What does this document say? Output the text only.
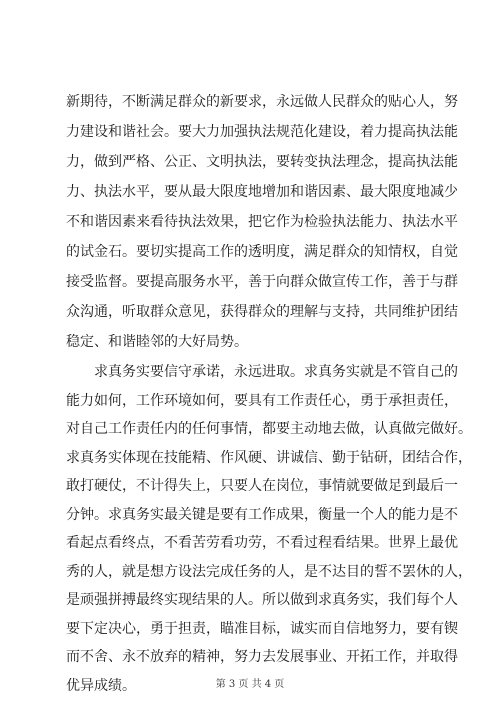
新期待，不断满足群众的新要求，永远做人民群众的贴心人，努
力建设和谐社会。要大力加强执法规范化建设，着力提高执法能
力，做到严格、公正、文明执法，要转变执法理念，提高执法能
力、执法水平，要从最大限度地增加和谐因素、最大限度地减少
不和谐因素来看待执法效果，把它作为检验执法能力、执法水平
的试金石。要切实提高工作的透明度，满足群众的知情权，自觉
接受监督。要提高服务水平，善于向群众做宣传工作，善于与群
众沟通，听取群众意见，获得群众的理解与支持，共同维护团结
稳定、和谐睦邻的大好局势。
求真务实要信守承诺，永远进取。求真务实就是不管自己的
能力如何，工作环境如何，要具有工作责任心，勇于承担责任，
对自己工作责任内的任何事情，都要主动地去做，认真做完做好。
求真务实体现在技能精、作风硬、讲诚信、勤于钻研，团结合作，
敢打硬仗，不计得失上，只要人在岗位，事情就要做足到最后一
分钟。求真务实最关键是要有工作成果，衡量一个人的能力是不
看起点看终点，不看苦劳看功劳，不看过程看结果。世界上最优
秀的人，就是想方设法完成任务的人，是不达目的誓不罢休的人，
是顽强拼搏最终实现结果的人。所以做到求真务实，我们每个人
要下定决心，勇于担责，瞄准目标，诚实而自信地努力，要有锲
而不舍、永不放弃的精神，努力去发展事业、开拓工作，并取得
优异成绩。	第 3 页 共 4 页
